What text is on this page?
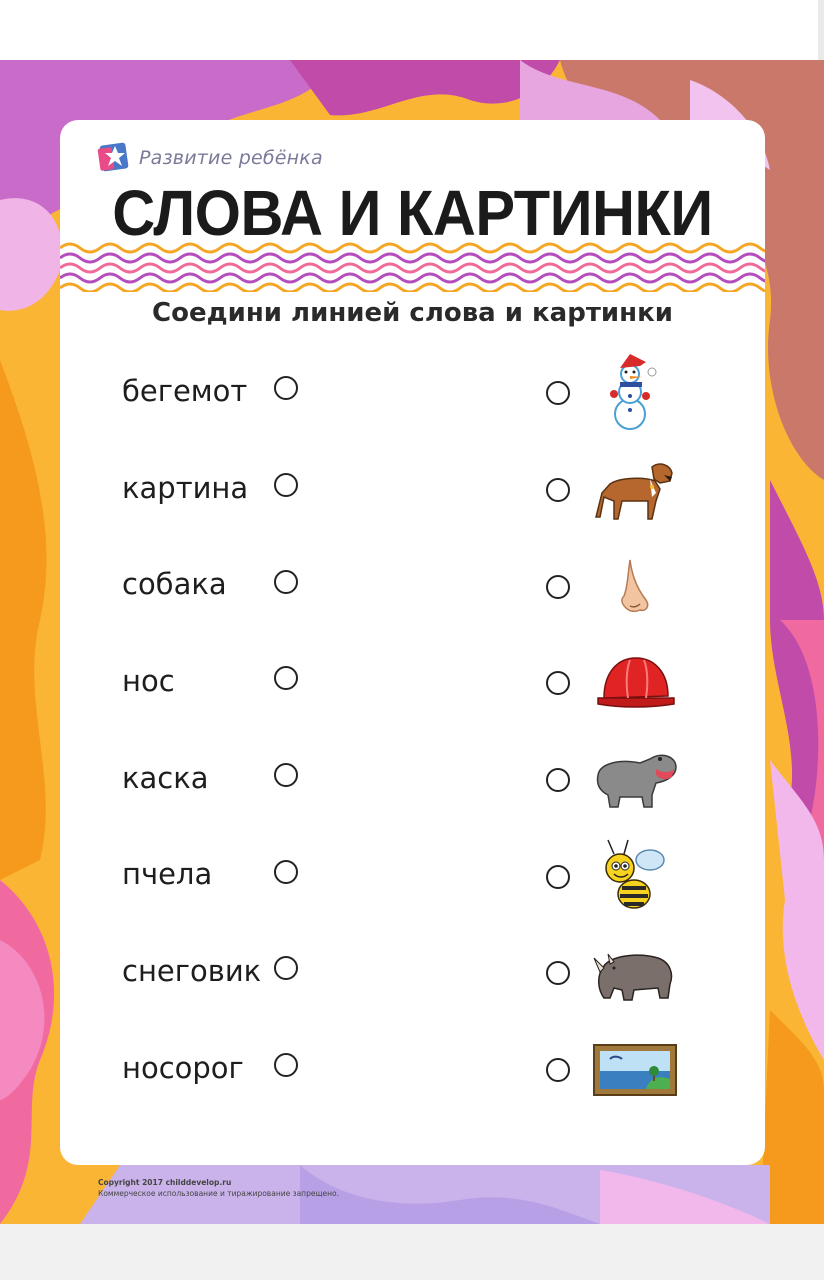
Развитие ребёнка
СЛОВА И КАРТИНКИ
Соедини линией слова и картинки
бегемот
картина
собака
нос
каска
пчела
снеговик
носорог
Copyright 2017 childdevelop.ru
Коммерческое использование и тиражирование запрещено.
